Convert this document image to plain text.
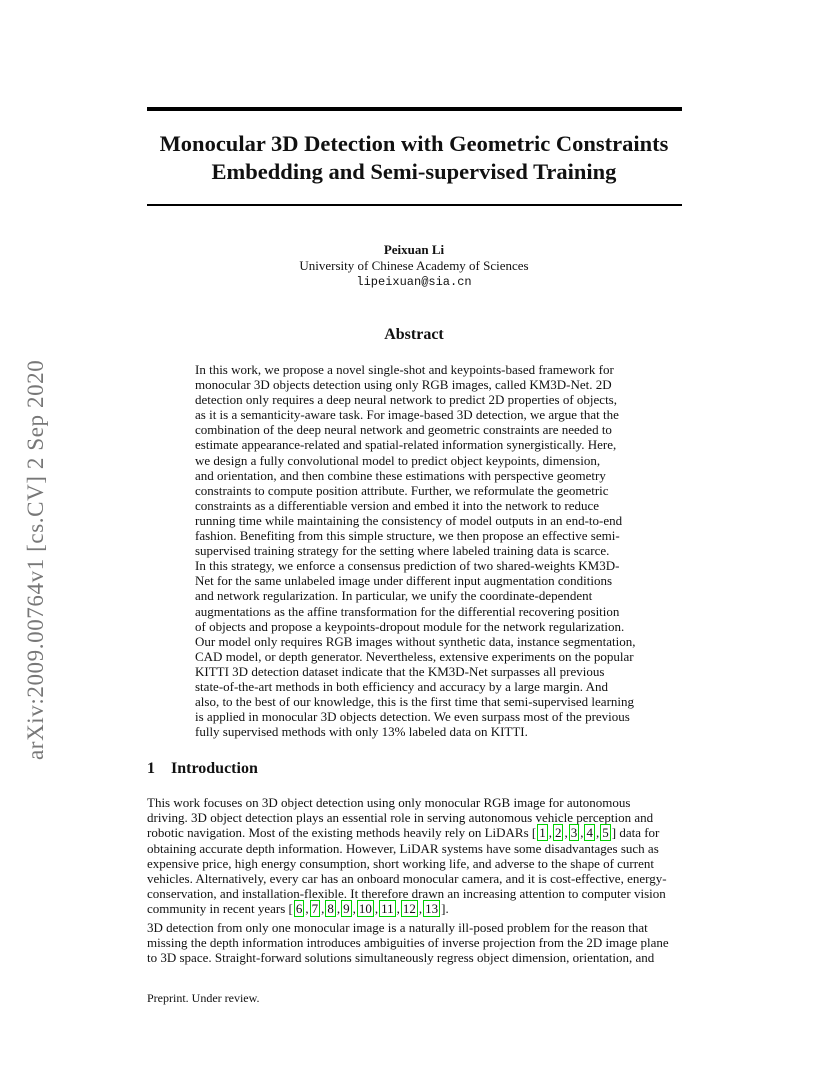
arXiv:2009.00764v1 [cs.CV] 2 Sep 2020
Monocular 3D Detection with Geometric Constraints
Embedding and Semi-supervised Training
Peixuan Li
University of Chinese Academy of Sciences
lipeixuan@sia.cn
Abstract
In this work, we propose a novel single-shot and keypoints-based framework for
monocular 3D objects detection using only RGB images, called KM3D-Net. 2D
detection only requires a deep neural network to predict 2D properties of objects,
as it is a semanticity-aware task. For image-based 3D detection, we argue that the
combination of the deep neural network and geometric constraints are needed to
estimate appearance-related and spatial-related information synergistically. Here,
we design a fully convolutional model to predict object keypoints, dimension,
and orientation, and then combine these estimations with perspective geometry
constraints to compute position attribute. Further, we reformulate the geometric
constraints as a differentiable version and embed it into the network to reduce
running time while maintaining the consistency of model outputs in an end-to-end
fashion. Benefiting from this simple structure, we then propose an effective semi-
supervised training strategy for the setting where labeled training data is scarce.
In this strategy, we enforce a consensus prediction of two shared-weights KM3D-
Net for the same unlabeled image under different input augmentation conditions
and network regularization. In particular, we unify the coordinate-dependent
augmentations as the affine transformation for the differential recovering position
of objects and propose a keypoints-dropout module for the network regularization.
Our model only requires RGB images without synthetic data, instance segmentation,
CAD model, or depth generator. Nevertheless, extensive experiments on the popular
KITTI 3D detection dataset indicate that the KM3D-Net surpasses all previous
state-of-the-art methods in both efficiency and accuracy by a large margin. And
also, to the best of our knowledge, this is the first time that semi-supervised learning
is applied in monocular 3D objects detection. We even surpass most of the previous
fully supervised methods with only 13% labeled data on KITTI.
1 Introduction
This work focuses on 3D object detection using only monocular RGB image for autonomous
driving. 3D object detection plays an essential role in serving autonomous vehicle perception and
robotic navigation. Most of the existing methods heavily rely on LiDARs [ 1 , 2 , 3 , 4 , 5 ] data for
obtaining accurate depth information. However, LiDAR systems have some disadvantages such as
expensive price, high energy consumption, short working life, and adverse to the shape of current
vehicles. Alternatively, every car has an onboard monocular camera, and it is cost-effective, energy-
conservation, and installation-flexible. It therefore drawn an increasing attention to computer vision
community in recent years [ 6 , 7 , 8 , 9 , 10 , 11 , 12 , 13 ].
3D detection from only one monocular image is a naturally ill-posed problem for the reason that
missing the depth information introduces ambiguities of inverse projection from the 2D image plane
to 3D space. Straight-forward solutions simultaneously regress object dimension, orientation, and
Preprint. Under review.
